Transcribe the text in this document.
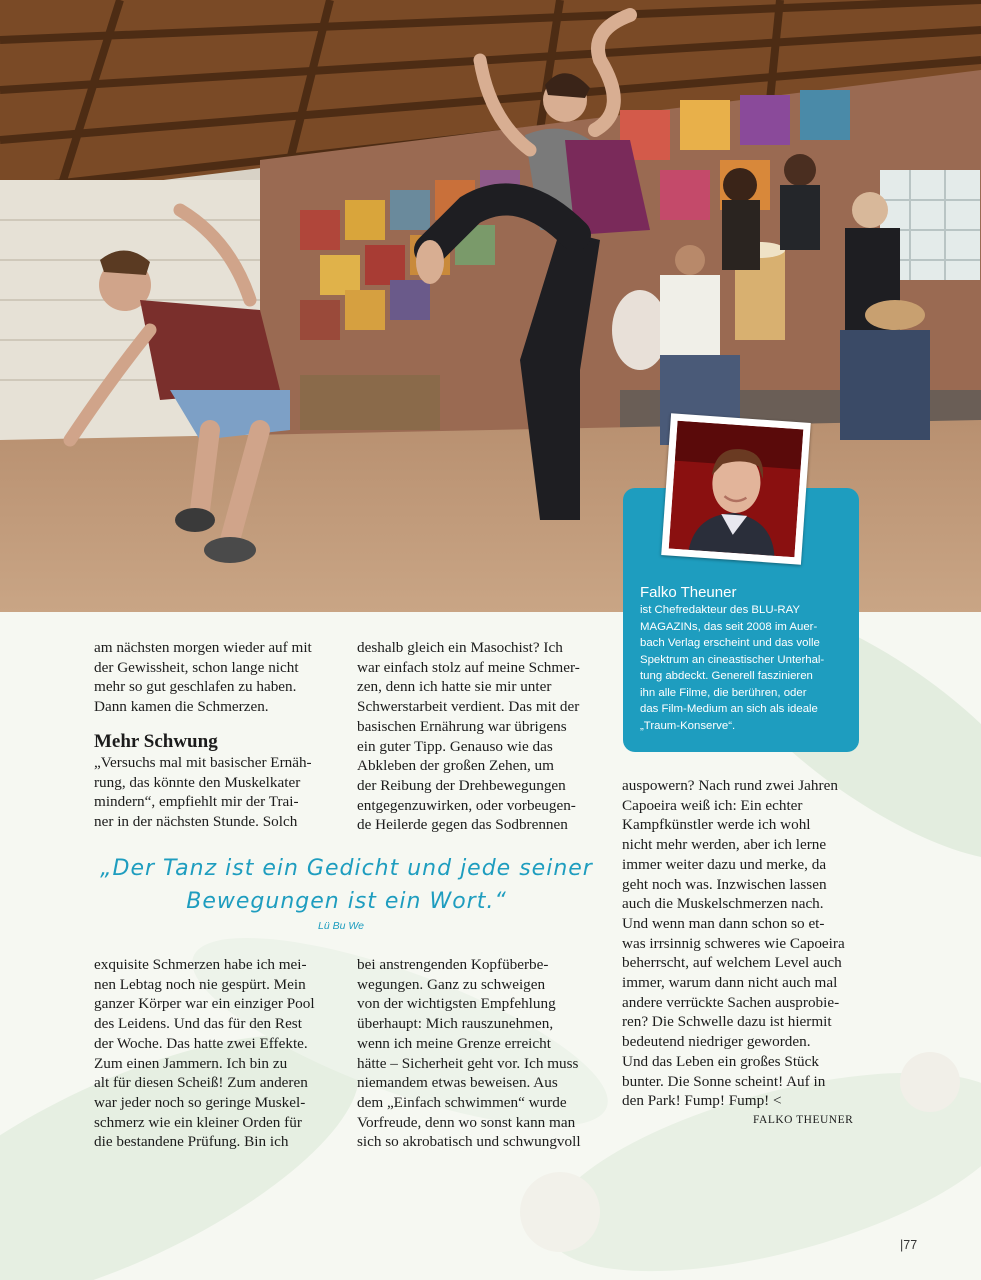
Falko Theuner
ist Chefredakteur des BLU-RAY
MAGAZINs, das seit 2008 im Auer-
bach Verlag erscheint und das volle
Spektrum an cineastischer Unterhal-
tung abdeckt. Generell faszinieren
ihn alle Filme, die berühren, oder
das Film-Medium an sich als ideale
„Traum-Konserve“.

am nächsten morgen wieder auf mit

der Gewissheit, schon lange nicht

mehr so gut geschlafen zu haben.

Dann kamen die Schmerzen.

Mehr Schwung

„Versuchs mal mit basischer Ernäh-

rung, das könnte den Muskelkater

mindern“, empfiehlt mir der Trai-

ner in der nächsten Stunde. Solch

deshalb gleich ein Masochist? Ich

war einfach stolz auf meine Schmer-

zen, denn ich hatte sie mir unter

Schwerstarbeit verdient. Das mit der

basischen Ernährung war übrigens

ein guter Tipp. Genauso wie das

Abkleben der großen Zehen, um

der Reibung der Drehbewegungen

entgegenzuwirken, oder vorbeugen-

de Heilerde gegen das Sodbrennen

„Der Tanz ist ein Gedicht und jede seiner
Bewegungen ist ein Wort.“
Lü Bu We

exquisite Schmerzen habe ich mei-

nen Lebtag noch nie gespürt. Mein

ganzer Körper war ein einziger Pool

des Leidens. Und das für den Rest

der Woche. Das hatte zwei Effekte.

Zum einen Jammern. Ich bin zu

alt für diesen Scheiß! Zum anderen

war jeder noch so geringe Muskel-

schmerz wie ein kleiner Orden für

die bestandene Prüfung. Bin ich

bei anstrengenden Kopfüberbe-

wegungen. Ganz zu schweigen

von der wichtigsten Empfehlung

überhaupt: Mich rauszunehmen,

wenn ich meine Grenze erreicht

hätte – Sicherheit geht vor. Ich muss

niemandem etwas beweisen. Aus

dem „Einfach schwimmen“ wurde

Vorfreude, denn wo sonst kann man

sich so akrobatisch und schwungvoll

auspowern? Nach rund zwei Jahren

Capoeira weiß ich: Ein echter

Kampfkünstler werde ich wohl

nicht mehr werden, aber ich lerne

immer weiter dazu und merke, da

geht noch was. Inzwischen lassen

auch die Muskelschmerzen nach.

Und wenn man dann schon so et-

was irrsinnig schweres wie Capoeira

beherrscht, auf welchem Level auch

immer, warum dann nicht auch mal

andere verrückte Sachen ausprobie-

ren? Die Schwelle dazu ist hiermit

bedeutend niedriger geworden.

Und das Leben ein großes Stück

bunter. Die Sonne scheint! Auf in

den Park! Fump! Fump! <

FALKO THEUNER
|77
